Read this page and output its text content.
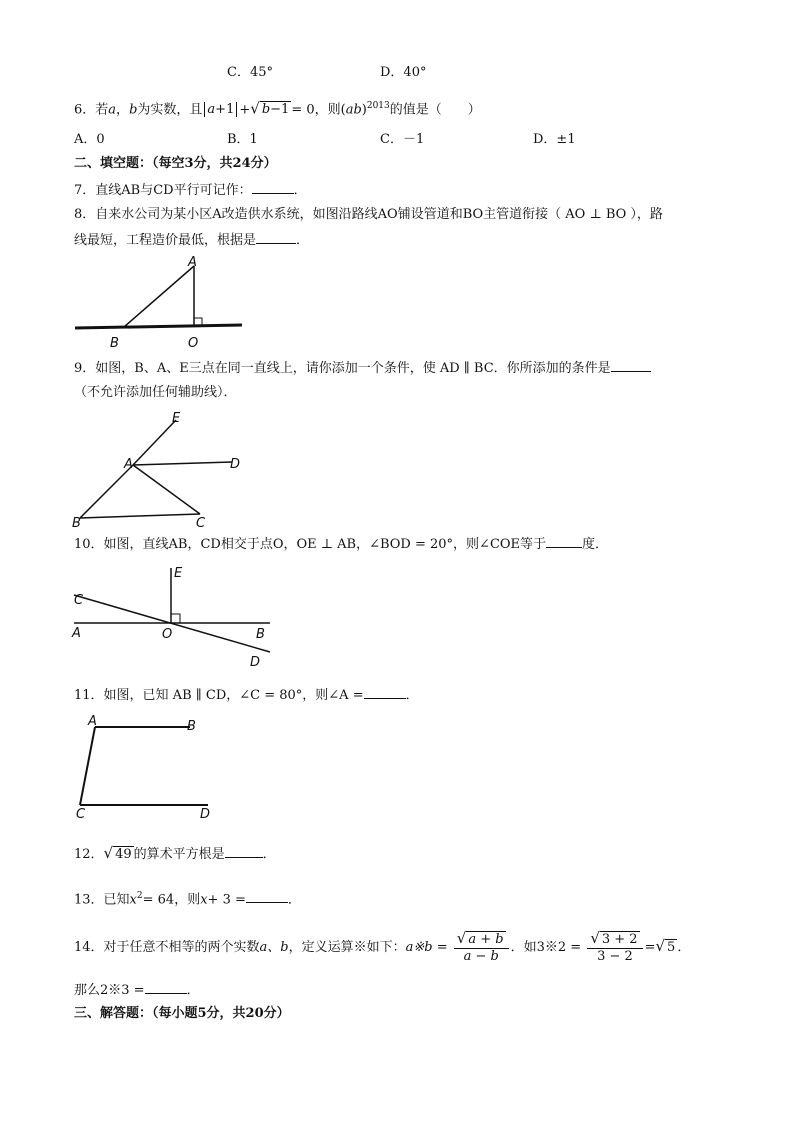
C．45°	D．40°
6．若a，b为实数，且 a+1 +√ b−1 = 0，则(ab)$^{2013}$的值是（　　）
A．0	B．1	C．－1	D．±1
二、填空题：（每空3分，共24分）
7．直线AB与CD平行可记作：	．
8．自来水公司为某小区A改造供水系统，如图沿路线AO铺设管道和BO主管道衔接（ AO ⊥ BO ），路
线最短，工程造价最低，根据是	．
A
B	O
9．如图，B、A、E三点在同一直线上，请你添加一个条件，使 AD ∥ BC．你所添加的条件是
（不允许添加任何辅助线）．
E
A	D
B	C
10．如图，直线AB，CD相交于点O，OE ⊥ AB，∠BOD = 20°，则∠COE等于	度．
E
C
A	O	B
D
11．如图，已知 AB ∥ CD，∠C = 80°，则∠A =	．
A	B
C	D
12．√ 49 的算术平方根是	．
13．已知$x^2= 64$，则x+ 3 =	．
14．对于任意不相等的两个实数a、b，定义运算※如下：a※b = $\frac{√ a + b}{a - b}$ ．如3※2 = $\frac{√ 3 + 2}{3 - 2}$ =√ 5 ．
那么2※3 =	．
三、解答题：（每小题5分，共20分）
